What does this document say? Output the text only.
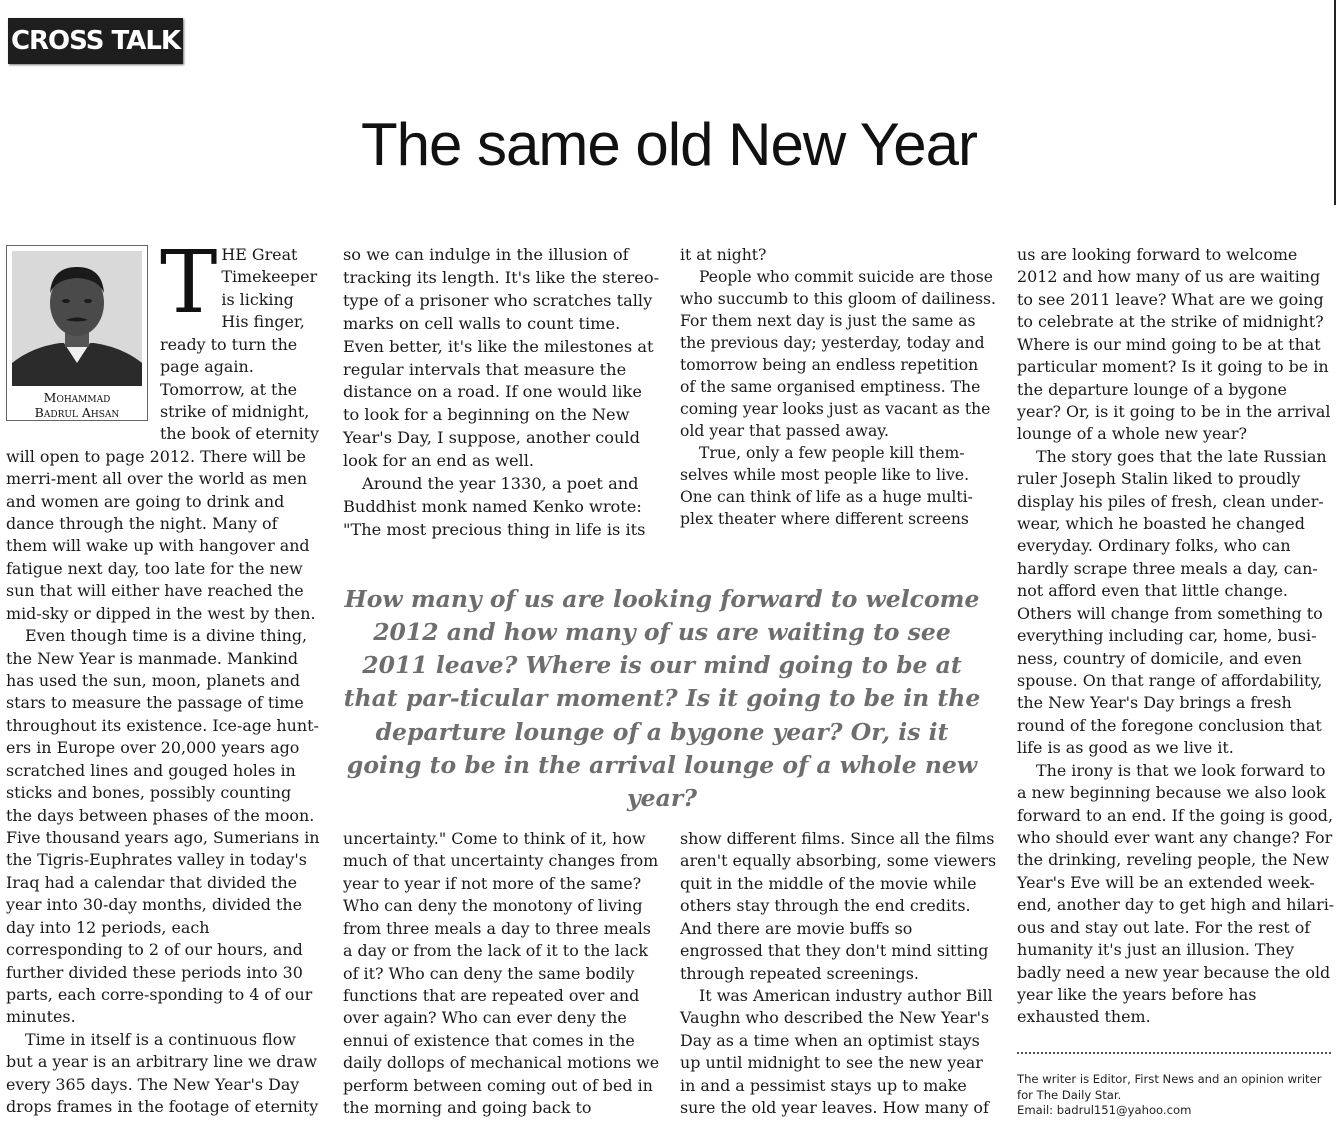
CROSS TALK
The same old New Year
Mohammad
Badrul Ahsan

THE Great Timekeeper is licking His finger, ready to turn the page again. Tomorrow, at the strike of midnight, the book of eternity will open to page 2012. There will be merri-ment all over the world as men and women are going to drink and dance through the night. Many of them will wake up with hangover and fatigue next day, too late for the new sun that will either have reached the mid-sky or dipped in the west by then.

Even though time is a divine thing, the New Year is manmade. Mankind has used the sun, moon, planets and stars to measure the passage of time throughout its existence. Ice-age hunt-ers in Europe over 20,000 years ago scratched lines and gouged holes in sticks and bones, possibly counting the days between phases of the moon. Five thousand years ago, Sumerians in the Tigris-Euphrates valley in today's Iraq had a calendar that divided the year into 30-day months, divided the day into 12 periods, each corresponding to 2 of our hours, and further divided these periods into 30 parts, each corre-sponding to 4 of our minutes.

Time in itself is a continuous flow but a year is an arbitrary line we draw every 365 days. The New Year's Day drops frames in the footage of eternity

so we can indulge in the illusion of tracking its length. It's like the stereo-type of a prisoner who scratches tally marks on cell walls to count time. Even better, it's like the milestones at regular intervals that measure the distance on a road. If one would like to look for a beginning on the New Year's Day, I suppose, another could look for an end as well.

Around the year 1330, a poet and Buddhist monk named Kenko wrote: "The most precious thing in life is its

it at night?

People who commit suicide are those who succumb to this gloom of dailiness. For them next day is just the same as the previous day; yesterday, today and tomorrow being an endless repetition of the same organised emptiness. The coming year looks just as vacant as the old year that passed away.

True, only a few people kill them-selves while most people like to live. One can think of life as a huge multi-plex theater where different screens

How many of us are looking forward to welcome 2012 and how many of us are waiting to see 2011 leave? Where is our mind going to be at that par-ticular moment? Is it going to be in the departure lounge of a bygone year? Or, is it going to be in the arrival lounge of a whole new year?

uncertainty." Come to think of it, how much of that uncertainty changes from year to year if not more of the same? Who can deny the monotony of living from three meals a day to three meals a day or from the lack of it to the lack of it? Who can deny the same bodily functions that are repeated over and over again? Who can ever deny the ennui of existence that comes in the daily dollops of mechanical motions we perform between coming out of bed in the morning and going back to

show different films. Since all the films aren't equally absorbing, some viewers quit in the middle of the movie while others stay through the end credits. And there are movie buffs so engrossed that they don't mind sitting through repeated screenings.

It was American industry author Bill Vaughn who described the New Year's Day as a time when an optimist stays up until midnight to see the new year in and a pessimist stays up to make sure the old year leaves. How many of

us are looking forward to welcome 2012 and how many of us are waiting to see 2011 leave? What are we going to celebrate at the strike of midnight? Where is our mind going to be at that particular moment? Is it going to be in the departure lounge of a bygone year? Or, is it going to be in the arrival lounge of a whole new year?

The story goes that the late Russian ruler Joseph Stalin liked to proudly display his piles of fresh, clean under-wear, which he boasted he changed everyday. Ordinary folks, who can hardly scrape three meals a day, can-not afford even that little change. Others will change from something to everything including car, home, busi-ness, country of domicile, and even spouse. On that range of affordability, the New Year's Day brings a fresh round of the foregone conclusion that life is as good as we live it.

The irony is that we look forward to a new beginning because we also look forward to an end. If the going is good, who should ever want any change? For the drinking, reveling people, the New Year's Eve will be an extended week-end, another day to get high and hilari-ous and stay out late. For the rest of humanity it's just an illusion. They badly need a new year because the old year like the years before has exhausted them.

The writer is Editor, First News and an opinion writer for The Daily Star.

Email: badrul151@yahoo.com
